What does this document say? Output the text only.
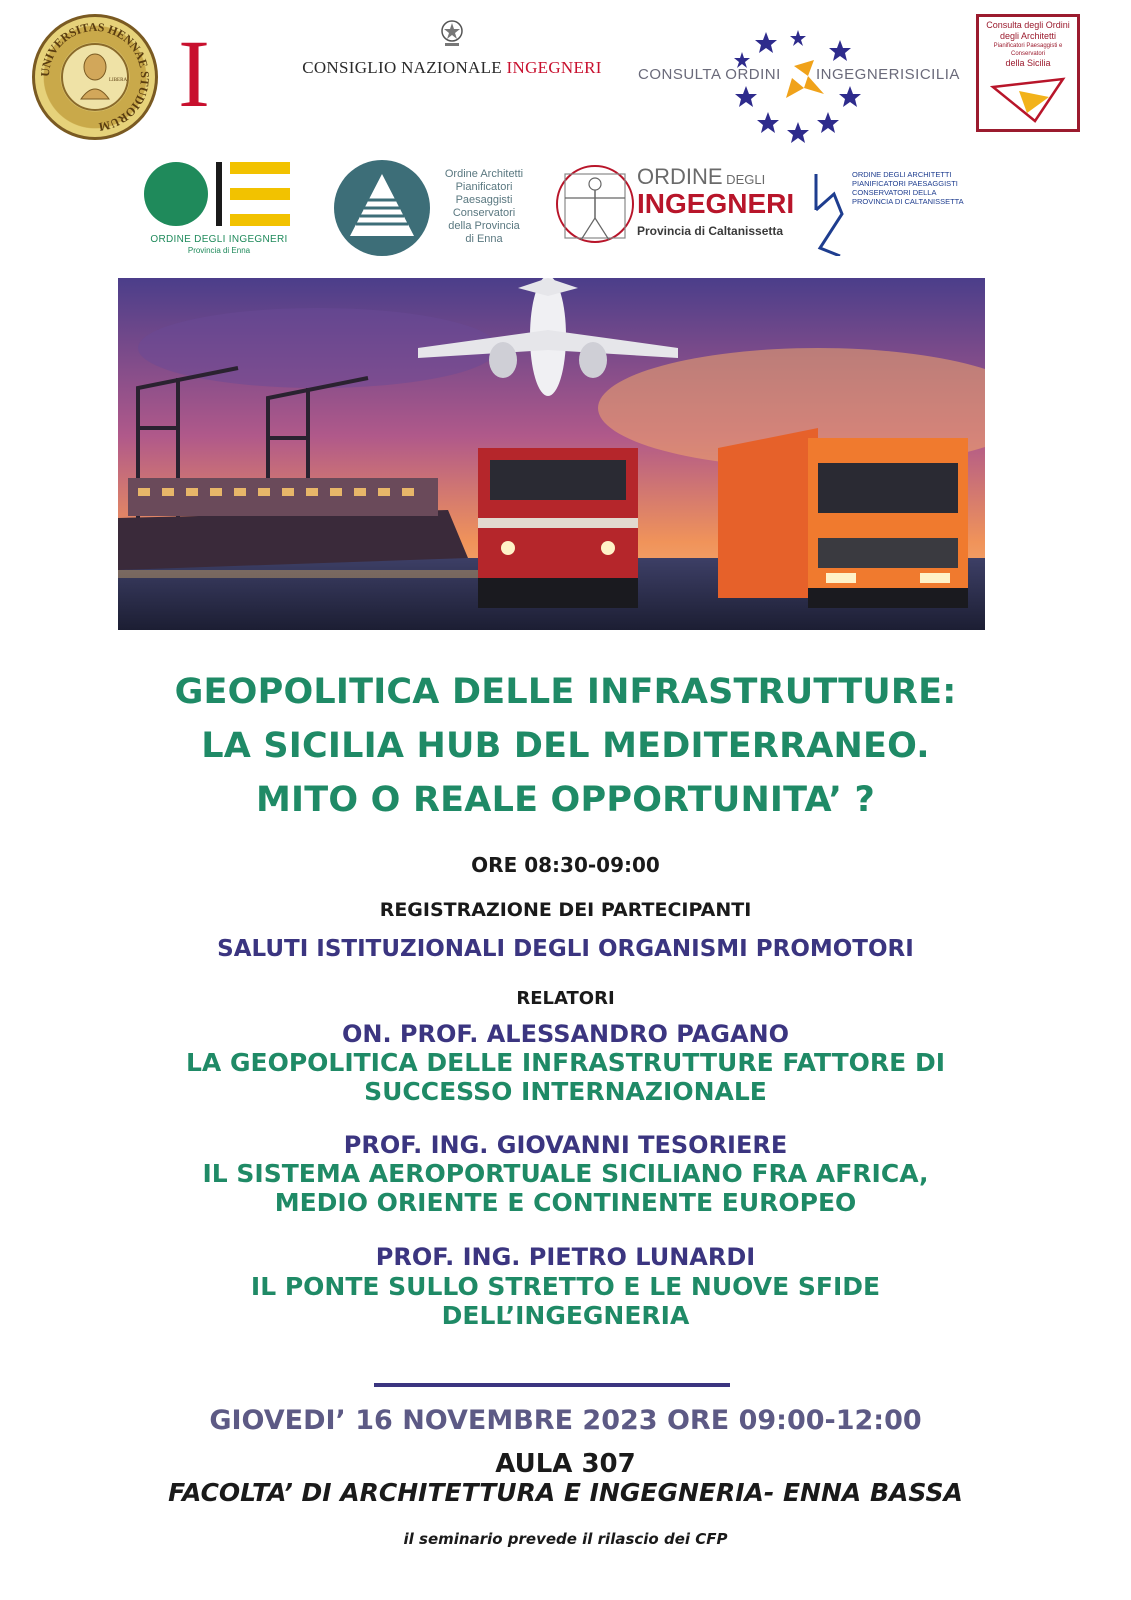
UNIVERSITAS HENNAE STUDIORUM
LIBERA I	CONSIGLIO NAZIONALE INGEGNERI	CONSULTA ORDINI INGEGNERISICILIA
Consulta degli Ordini
degli Architetti
Pianificatori Paesaggisti e Conservatori
della Sicilia
ORDINE DEGLI INGEGNERI
Provincia di Enna
Ordine Architetti
Pianificatori
Paesaggisti
Conservatori
della Provincia
di Enna
ORDINE DEGLI
INGEGNERI
Provincia di Caltanissetta
ORDINE DEGLI ARCHITETTI
PIANIFICATORI PAESAGGISTI
CONSERVATORI DELLA
PROVINCIA DI CALTANISSETTA
GEOPOLITICA DELLE INFRASTRUTTURE:
LA SICILIA HUB DEL MEDITERRANEO.
MITO O REALE OPPORTUNITA’ ?
ORE 08:30-09:00
REGISTRAZIONE DEI PARTECIPANTI
SALUTI ISTITUZIONALI DEGLI ORGANISMI PROMOTORI
RELATORI
ON. PROF. ALESSANDRO PAGANO
LA GEOPOLITICA DELLE INFRASTRUTTURE FATTORE DI
SUCCESSO INTERNAZIONALE
PROF. ING. GIOVANNI TESORIERE
IL SISTEMA AEROPORTUALE SICILIANO FRA AFRICA,
MEDIO ORIENTE E CONTINENTE EUROPEO
PROF. ING. PIETRO LUNARDI
IL PONTE SULLO STRETTO E LE NUOVE SFIDE
DELL’INGEGNERIA
GIOVEDI’ 16 NOVEMBRE 2023 ORE 09:00-12:00
AULA 307
FACOLTA’ DI ARCHITETTURA E INGEGNERIA- ENNA BASSA
il seminario prevede il rilascio dei CFP
